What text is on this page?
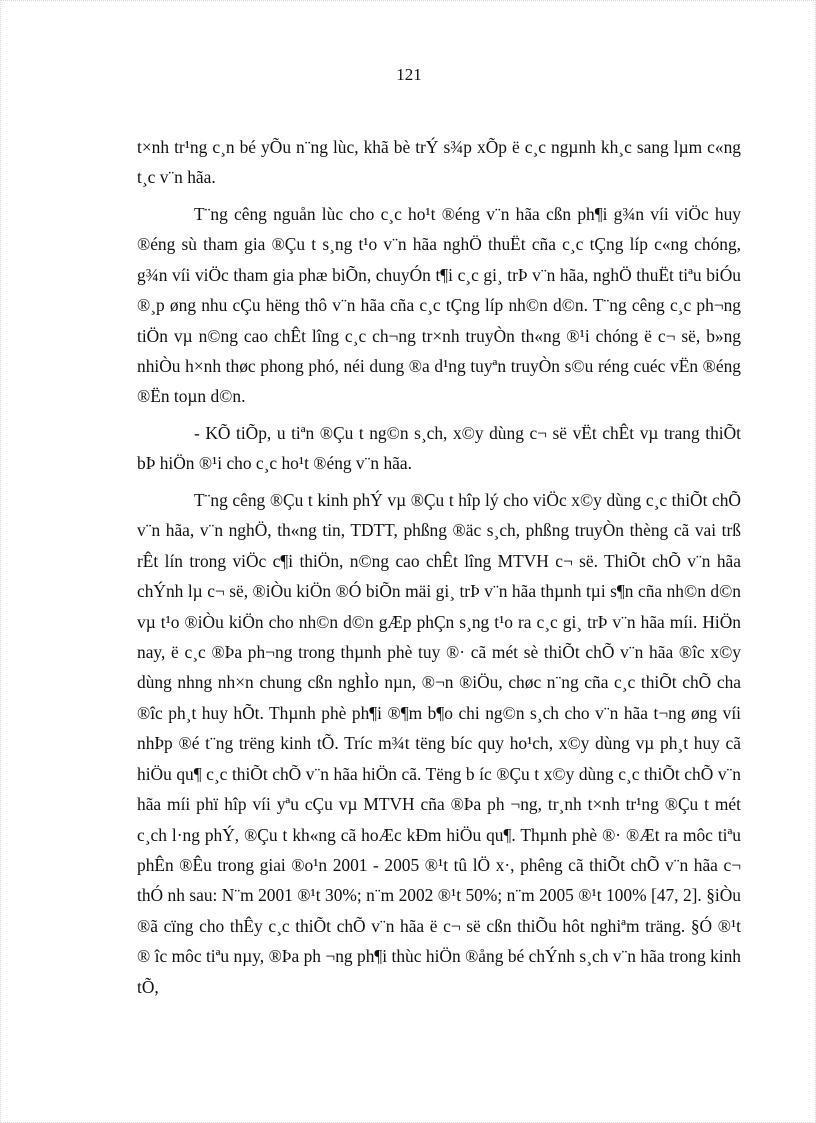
121

t×nh tr¹ng c¸n bé yÕu n¨ng lùc, khã bè trÝ s¾p xÕp ë c¸c ngµnh kh¸c sang lµm c«ng t¸c v¨n hãa.

T¨ng cêng nguån lùc cho c¸c ho¹t ®éng v¨n hãa cßn ph¶i g¾n víi viÖc huy ®éng sù tham gia ®Çu t s¸ng t¹o v¨n hãa nghÖ thuËt cña c¸c tÇng líp c«ng chóng, g¾n víi viÖc tham gia phæ biÕn, chuyÓn t¶i c¸c gi¸ trÞ v¨n hãa, nghÖ thuËt tiªu biÓu ®¸p øng nhu cÇu hëng thô v¨n hãa cña c¸c tÇng líp nh©n d©n. T¨ng cêng c¸c ph¬ng tiÖn vµ n©ng cao chÊt lîng c¸c ch¬ng tr×nh truyÒn th«ng ®¹i chóng ë c¬ së, b»ng nhiÒu h×nh thøc phong phó, néi dung ®a d¹ng tuyªn truyÒn s©u réng cuéc vËn ®éng ®Ën toµn d©n.

- KÕ tiÕp, u tiªn ®Çu t ng©n s¸ch, x©y dùng c¬ së vËt chÊt vµ trang thiÕt bÞ hiÖn ®¹i cho c¸c ho¹t ®éng v¨n hãa.

T¨ng cêng ®Çu t kinh phÝ vµ ®Çu t hîp lý cho viÖc x©y dùng c¸c thiÕt chÕ v¨n hãa, v¨n nghÖ, th«ng tin, TDTT, phßng ®äc s¸ch, phßng truyÒn thèng cã vai trß rÊt lín trong viÖc c¶i thiÖn, n©ng cao chÊt lîng MTVH c¬ së. ThiÕt chÕ v¨n hãa chÝnh lµ c¬ së, ®iÒu kiÖn ®Ó biÕn mäi gi¸ trÞ v¨n hãa thµnh tµi s¶n cña nh©n d©n vµ t¹o ®iÒu kiÖn cho nh©n d©n gÆp phÇn s¸ng t¹o ra c¸c gi¸ trÞ v¨n hãa míi. HiÖn nay, ë c¸c ®Þa ph¬ng trong thµnh phè tuy ®· cã mét sè thiÕt chÕ v¨n hãa ®îc x©y dùng nhng nh×n chung cßn nghÌo nµn, ®¬n ®iÖu, chøc n¨ng cña c¸c thiÕt chÕ cha ®îc ph¸t huy hÕt. Thµnh phè ph¶i ®¶m b¶o chi ng©n s¸ch cho v¨n hãa t¬ng øng víi nhÞp ®é t¨ng trëng kinh tÕ. Tríc m¾t tëng bíc quy ho¹ch, x©y dùng vµ ph¸t huy cã hiÖu qu¶ c¸c thiÕt chÕ v¨n hãa hiÖn cã. Tëng b íc ®Çu t x©y dùng c¸c thiÕt chÕ v¨n hãa míi phï hîp víi yªu cÇu vµ MTVH cña ®Þa ph ¬ng, tr¸nh t×nh tr¹ng ®Çu t mét c¸ch l·ng phÝ, ®Çu t kh«ng cã hoÆc kÐm hiÖu qu¶. Thµnh phè ®· ®Æt ra môc tiªu phÊn ®Êu trong giai ®o¹n 2001 - 2005 ®¹t tû lÖ x·, phêng cã thiÕt chÕ v¨n hãa c¬ thÓ nh sau: N¨m 2001 ®¹t 30%; n¨m 2002 ®¹t 50%; n¨m 2005 ®¹t 100% [47, 2]. §iÒu ®ã cïng cho thÊy c¸c thiÕt chÕ v¨n hãa ë c¬ së cßn thiÕu hôt nghiªm träng. §Ó ®¹t ® îc môc tiªu nµy, ®Þa ph ¬ng ph¶i thùc hiÖn ®ång bé chÝnh s¸ch v¨n hãa trong kinh tÕ,
